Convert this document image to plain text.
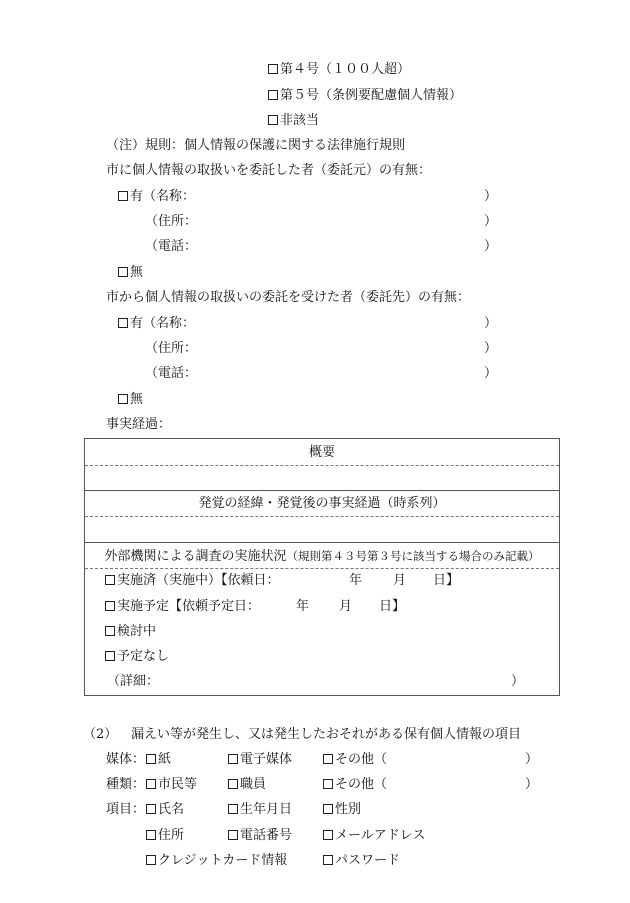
第４号（１００人超）
第５号（条例要配慮個人情報）
非該当
（注）規則：個人情報の保護に関する法律施行規則
市に個人情報の取扱いを委託した者（委託元）の有無：
有（名称：	）
（住所：	）
（電話：	）
無
市から個人情報の取扱いの委託を受けた者（委託先）の有無：
有（名称：	）
（住所：	）
（電話：	）
無
事実経過：
概要
発覚の経緯・発覚後の事実経過（時系列）
外部機関による調査の実施状況（規則第４３号第３号に該当する場合のみ記載）
実施済（実施中）【依頼日：	年 月 日】
実施予定【依頼予定日：	年 月 日】
検討中
予定なし
（詳細：	）
（2） 漏えい等が発生し、又は発生したおそれがある保有個人情報の項目
媒体： 紙	電子媒体	その他（	）
種類： 市民等	職員	その他（	）
項目： 氏名	生年月日	性別
住所	電話番号	メールアドレス
クレジットカード情報	パスワード
